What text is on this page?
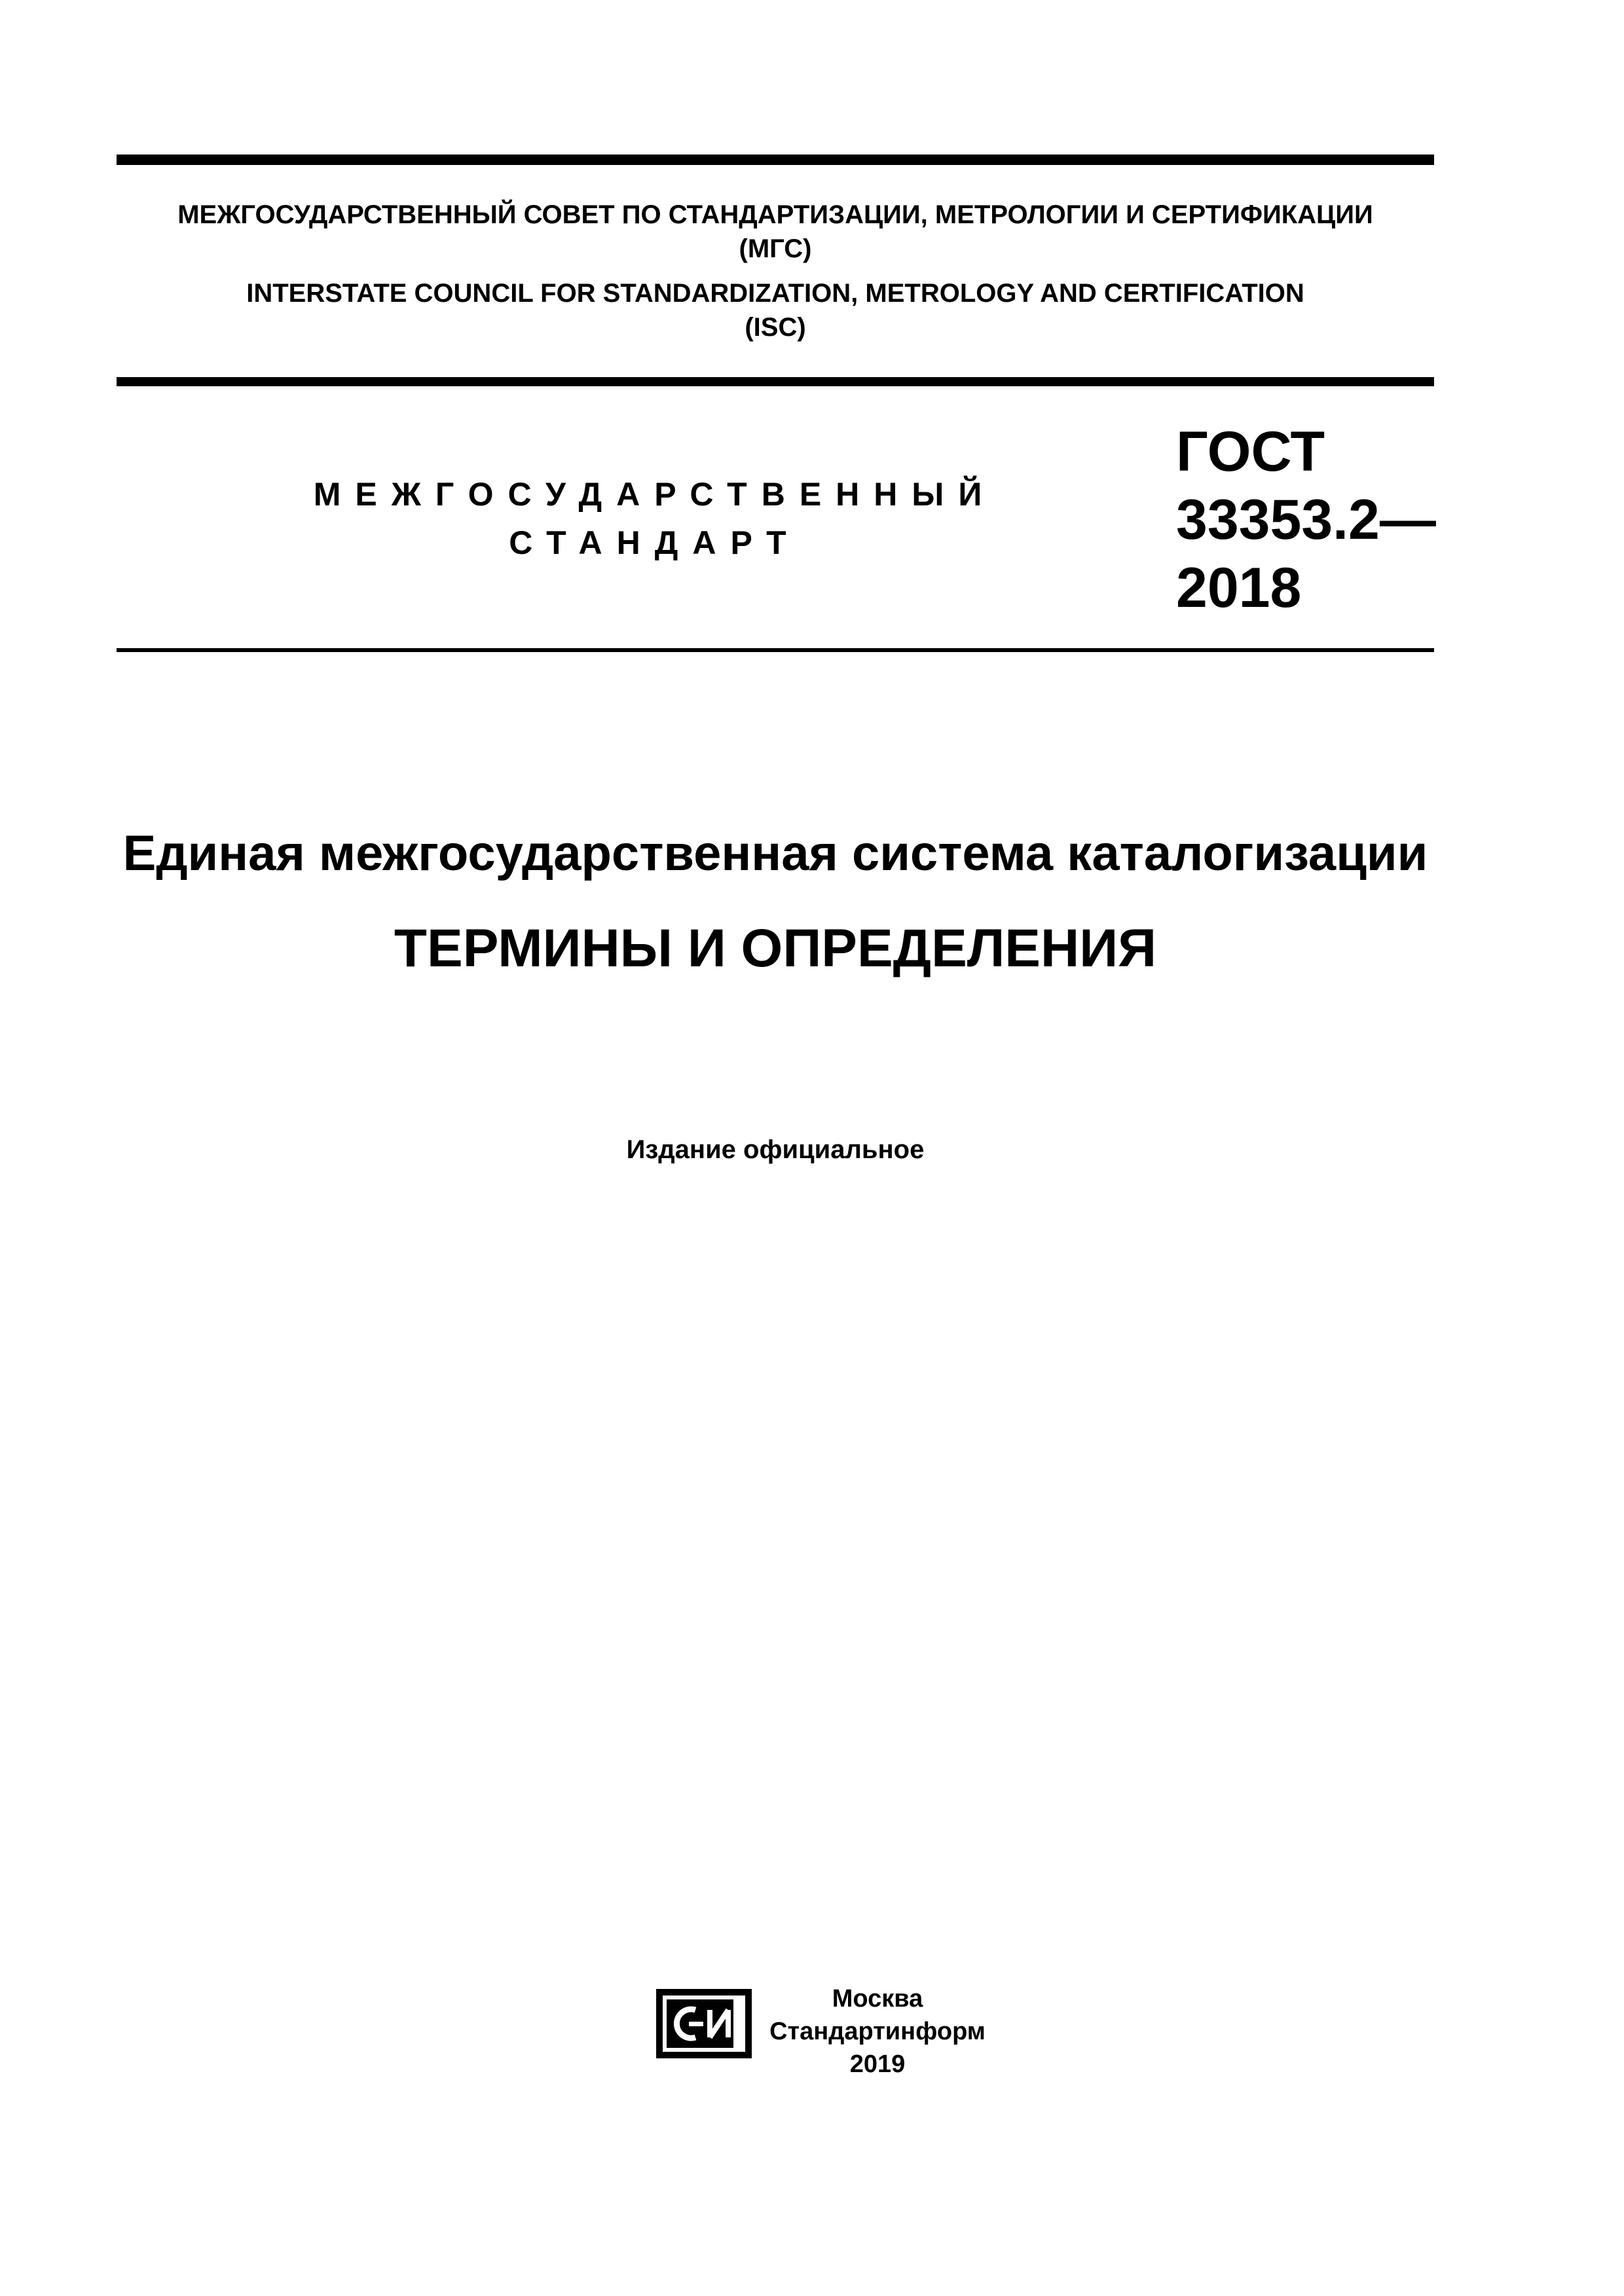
МЕЖГОСУДАРСТВЕННЫЙ СОВЕТ ПО СТАНДАРТИЗАЦИИ, МЕТРОЛОГИИ И СЕРТИФИКАЦИИ
(МГС)
INTERSTATE COUNCIL FOR STANDARDIZATION, METROLOGY AND CERTIFICATION
(ISC)
МЕЖГОСУДАРСТВЕННЫЙ
СТАНДАРТ
ГОСТ
33353.2—
2018
Единая межгосударственная система каталогизации
ТЕРМИНЫ И ОПРЕДЕЛЕНИЯ
Издание официальное
Москва
Стандартинформ
2019
